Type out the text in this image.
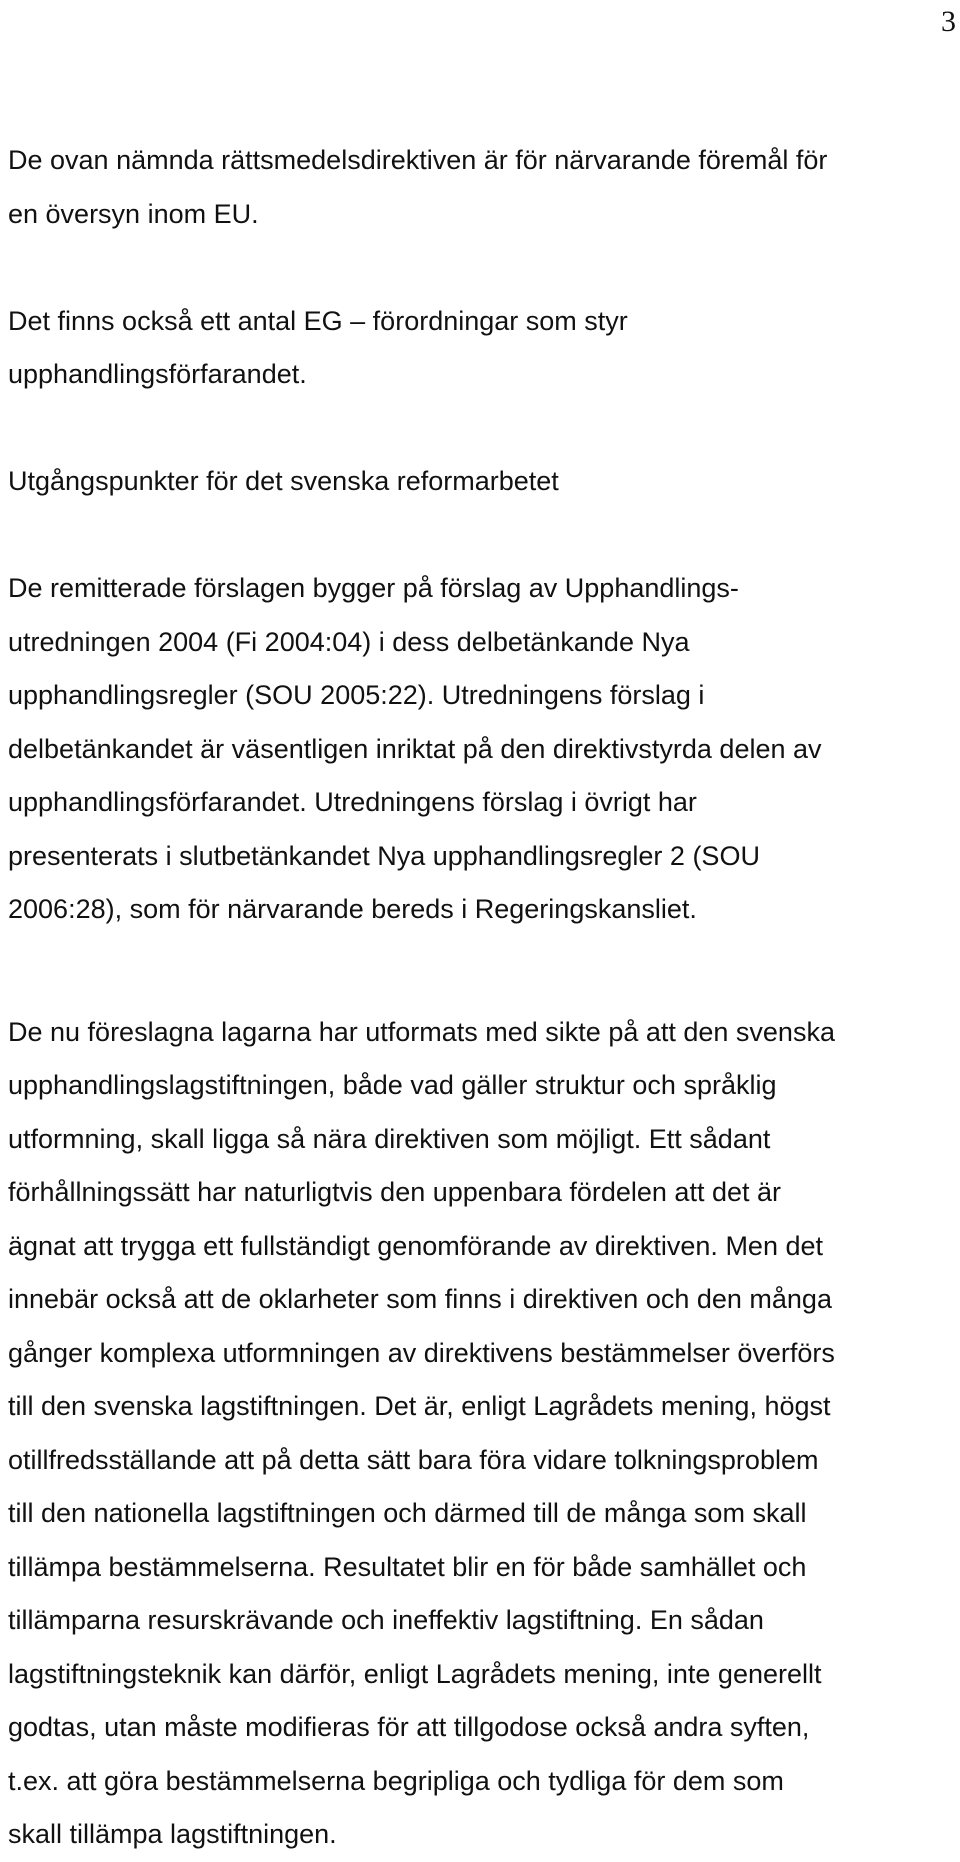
3
De ovan nämnda rättsmedelsdirektiven är för närvarande föremål för
en översyn inom EU.
Det finns också ett antal EG – förordningar som styr
upphandlingsförfarandet.
Utgångspunkter för det svenska reformarbetet
De remitterade förslagen bygger på förslag av Upphandlings-
utredningen 2004 (Fi 2004:04) i dess delbetänkande Nya
upphandlingsregler (SOU 2005:22). Utredningens förslag i
delbetänkandet är väsentligen inriktat på den direktivstyrda delen av
upphandlingsförfarandet. Utredningens förslag i övrigt har
presenterats i slutbetänkandet Nya upphandlingsregler 2 (SOU
2006:28), som för närvarande bereds i Regeringskansliet.
De nu föreslagna lagarna har utformats med sikte på att den svenska
upphandlingslagstiftningen, både vad gäller struktur och språklig
utformning, skall ligga så nära direktiven som möjligt. Ett sådant
förhållningssätt har naturligtvis den uppenbara fördelen att det är
ägnat att trygga ett fullständigt genomförande av direktiven. Men det
innebär också att de oklarheter som finns i direktiven och den många
gånger komplexa utformningen av direktivens bestämmelser överförs
till den svenska lagstiftningen. Det är, enligt Lagrådets mening, högst
otillfredsställande att på detta sätt bara föra vidare tolkningsproblem
till den nationella lagstiftningen och därmed till de många som skall
tillämpa bestämmelserna. Resultatet blir en för både samhället och
tillämparna resurskrävande och ineffektiv lagstiftning. En sådan
lagstiftningsteknik kan därför, enligt Lagrådets mening, inte generellt
godtas, utan måste modifieras för att tillgodose också andra syften,
t.ex. att göra bestämmelserna begripliga och tydliga för dem som
skall tillämpa lagstiftningen.
